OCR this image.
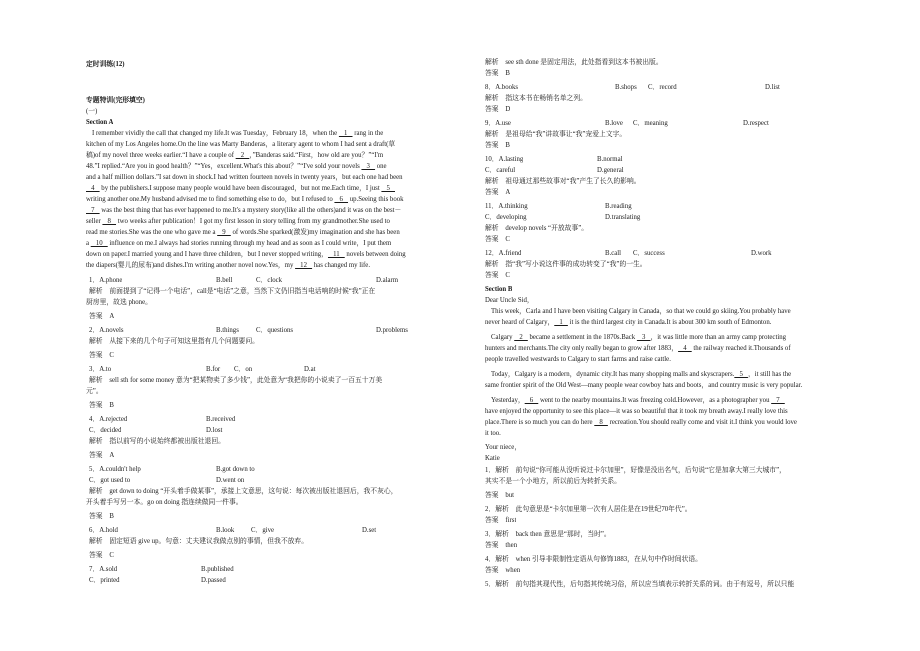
定时训练(12)
专题特训(完形填空)
(一)
Section A
I remember vividly the call that changed my life.It was Tuesday，February 18，when the    1    rang in the
kitchen of my Los Angeles home.On the line was Marty Banderas，a literary agent to whom I had sent a draft(草
稿)of my novel three weeks earlier.“I have a couple of    2   ，”Banderas said.“First，how old are you？”“I'm
48.”I replied.“Are you in good health？”“Yes，excellent.What's this about？”“I've sold your novels    3    one
and a half million dollars.”I sat down in shock.I had written fourteen novels in twenty years，but each one had been
4    by the publishers.I suppose many people would have been discouraged，but not me.Each time，I just    5
writing another one.My husband advised me to find something else to do，but I refused to    6    up.Seeing this book
7    was the best thing that has ever happened to me.It's a mystery story(like all the others)and it was on the best－
seller    8    two weeks after publication！I got my first lesson in story telling from my grandmother.She used to
read me stories.She was the one who gave me a    9    of words.She sparked(激发)my imagination and she has been
a    10    influence on me.I always had stories running through my head and as soon as I could write，I put them
down on paper.I married young and I have three children，but I never stopped writing，   11    novels between doing
the diapers(婴儿的尿布)and dishes.I'm writing another novel now.Yes，my    12    has changed my life.
1．A.phone	B.bell	C．clock	D.alarm
解析　前面提到了“记得一个电话”，call是“电话”之意，当然下文仍旧指当电话响的时候“我”正在
厨房里，故选 phone。
答案　A
2．A.novels	B.things	C．questions	D.problems
解析　从接下来的几个句子可知这里指有几个问题要问。
答案　C
3．A.to	B.for C．on	D.at
解析　sell sth for some money 意为“把某物卖了多少钱”，此处意为“我把你的小说卖了一百五十万美
元”。
答案　B
4．A.rejected	B.received
C．decided	D.lost
解析　指以前写的小说始终都被出版社退回。
答案　A
5．A.couldn't help	B.got down to
C．got used to	D.went on
解析　get down to doing “开头着手做某事”，承接上文意思，这句说：每次被出版社退回后，我不灰心，
开头着手写另一本。go on doing 指连续做同一件事。
答案　B
6．A.hold	B.look C．give	D.set
解析　固定短语 give up。句意：丈夫建议我做点别的事情，但我不放弃。
答案　C
7．A.sold	B.published
C．printed	D.passed
解析　see sth done 是固定用法，此处指看到这本书被出版。
答案　B
8．A.books	B.shops C．record	D.list
解析　指这本书在畅销名单之列。
答案　D
9．A.use	B.love C．meaning	D.respect
解析　是祖母给“我”讲故事让“我”宠爱上文字。
答案　B
10．A.lasting	B.normal
C．careful	D.general
解析　祖母通过那些故事对“我”产生了长久的影响。
答案　A
11．A.thinking	B.reading
C．developing	D.translating
解析　develop novels “开放故事”。
答案　C
12．A.friend	B.call C．success	D.work
解析　指“我”写小说这件事的成功转变了“我”的一生。
答案　C
Section B
Dear Uncle Sid，
This week，Carla and I have been visiting Calgary in Canada，so that we could go skiing.You probably have
never heard of Calgary，   1    it is the third largest city in Canada.It is about 300 km south of Edmonton.
Calgary    2    became a settlement in the 1870s.Back    3   ，it was little more than an army camp protecting
hunters and merchants.The city only really began to grow after 1883，   4    the railway reached it.Thousands of
people travelled westwards to Calgary to start farms and raise cattle.
Today，Calgary is a modern，dynamic city.It has many shopping malls and skyscrapers.   5   ，it still has the
same frontier spirit of the Old West—many people wear cowboy hats and boots，and country music is very popular.
Yesterday，   6    went to the nearby mountains.It was freezing cold.However，as a photographer you    7
have enjoyed the opportunity to see this place—it was so beautiful that it took my breath away.I really love this
place.There is so much you can do here    8    recreation.You should really come and visit it.I think you would love
it too.
Your niece，
Katie
1．解析　前句说“你可能从没听说过卡尔加里”，好像是没出名气，后句说“它是加拿大第三大城市”，
其实不是一个小地方，所以前后为转折关系。
答案　but
2．解析　此句意思是“卡尔加里第一次有人居住是在19世纪70年代”。
答案　first
3．解析　back then 意思是“那时，当时”。
答案　then
4．解析　when 引导非限制性定语从句修饰1883，在从句中作时间状语。
答案　when
5．解析　前句指其现代性，后句指其传统习俗，所以应当填表示转折关系的词。由于有逗号，所以只能
